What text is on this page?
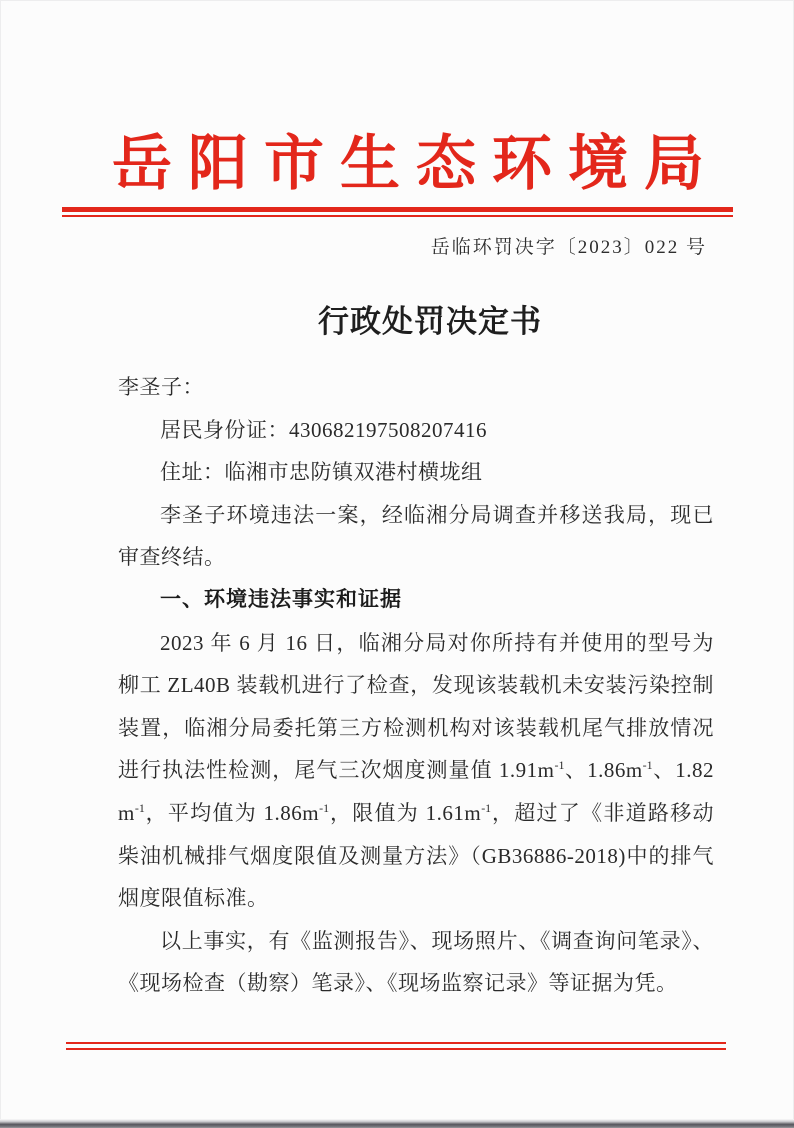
岳阳市生态环境局
岳临环罚决字〔2023〕022 号
行政处罚决定书

李圣子：

居民身份证：430682197508207416

住址：临湘市忠防镇双港村横垅组

李圣子环境违法一案，经临湘分局调查并移送我局，现已审查终结。

一、环境违法事实和证据

2023 年 6 月 16 日，临湘分局对你所持有并使用的型号为柳工 ZL40B 装载机进行了检查，发现该装载机未安装污染控制装置，临湘分局委托第三方检测机构对该装载机尾气排放情况进行执法性检测，尾气三次烟度测量值 $1.91m^{-1}$、$1.86m^{-1}$、$1.82m^{-1}$，平均值为 $1.86m^{-1}$，限值为 $1.61m^{-1}$，超过了《非道路移动柴油机械排气烟度限值及测量方法》（GB36886-2018)中的排气烟度限值标准。

以上事实，有《监测报告》、现场照片、《调查询问笔录》、《现场检查（勘察）笔录》、《现场监察记录》等证据为凭。
